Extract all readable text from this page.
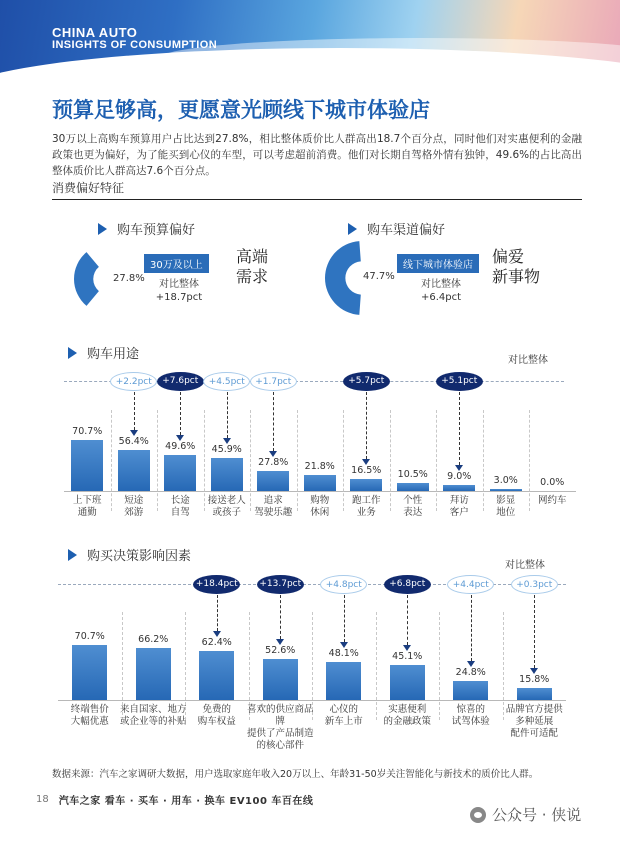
CHINA AUTO
INSIGHTS OF CONSUMPTION
预算足够高，更愿意光顾线下城市体验店
30万以上高购车预算用户占比达到27.8%，相比整体质价比人群高出18.7个百分点，同时他们对实惠便利的金融政策也更为偏好，为了能买到心仪的车型，可以考虑超前消费。他们对长期自驾格外情有独钟，49.6%的占比高出整体质价比人群高达7.6个百分点。
消费偏好特征
购车预算偏好
27.8%
30万及以上
对比整体
+18.7pct
高端
需求
购车渠道偏好
47.7%
线下城市体验店
对比整体
+6.4pct
偏爱
新事物
购车用途	对比整体
70.7%
上下班
通勤
56.4%
短途
郊游
+2.2pct
49.6%
长途
自驾
+7.6pct
45.9%
接送老人
或孩子
+4.5pct
27.8%
追求
驾驶乐趣
+1.7pct
21.8%
购物
休闲
16.5%
跑工作
业务
+5.7pct
10.5%
个性
表达
9.0%
拜访
客户
+5.1pct
3.0%
影显
地位
0.0%
网约车
购买决策影响因素
对比整体
70.7%
终端售价
大幅优惠
66.2%
来自国家、地方
或企业等的补贴
62.4%
免费的
购车权益
+18.4pct
52.6%
喜欢的供应商品牌
提供了产品制造
的核心部件
+13.7pct
48.1%
心仪的
新车上市
+4.8pct
45.1%
实惠便利
的金融政策
+6.8pct
24.8%
惊喜的
试驾体验
+4.4pct
15.8%
品牌官方提供
多种延展
配件可适配
+0.3pct
数据来源：汽车之家调研大数据，用户选取家庭年收入20万以上、年龄31-50岁关注智能化与新技术的质价比人群。
18 汽车之家 看车 · 买车 · 用车 · 换车 EV100 车百在线
公众号 · 侠说
